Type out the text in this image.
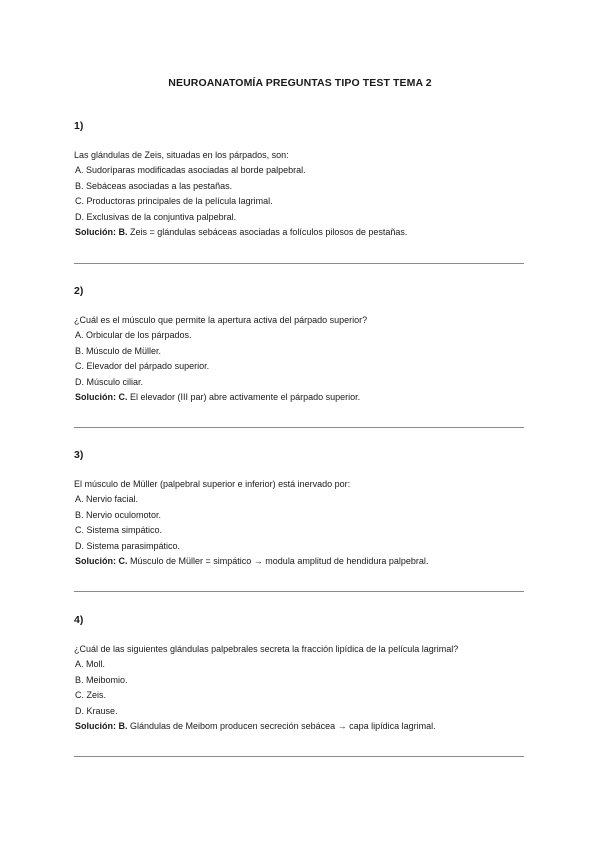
NEUROANATOMÍA PREGUNTAS TIPO TEST TEMA 2
1)
Las glándulas de Zeis, situadas en los párpados, son:
A. Sudoríparas modificadas asociadas al borde palpebral.
B. Sebáceas asociadas a las pestañas.
C. Productoras principales de la película lagrimal.
D. Exclusivas de la conjuntiva palpebral.
Solución: B. Zeis = glándulas sebáceas asociadas a folículos pilosos de pestañas.
2)
¿Cuál es el músculo que permite la apertura activa del párpado superior?
A. Orbicular de los párpados.
B. Músculo de Müller.
C. Elevador del párpado superior.
D. Músculo ciliar.
Solución: C. El elevador (III par) abre activamente el párpado superior.
3)
El músculo de Müller (palpebral superior e inferior) está inervado por:
A. Nervio facial.
B. Nervio oculomotor.
C. Sistema simpático.
D. Sistema parasimpático.
Solución: C. Músculo de Müller = simpático → modula amplitud de hendidura palpebral.
4)
¿Cuál de las siguientes glándulas palpebrales secreta la fracción lipídica de la película lagrimal?
A. Moll.
B. Meibomio.
C. Zeis.
D. Krause.
Solución: B. Glándulas de Meibom producen secreción sebácea → capa lipídica lagrimal.
